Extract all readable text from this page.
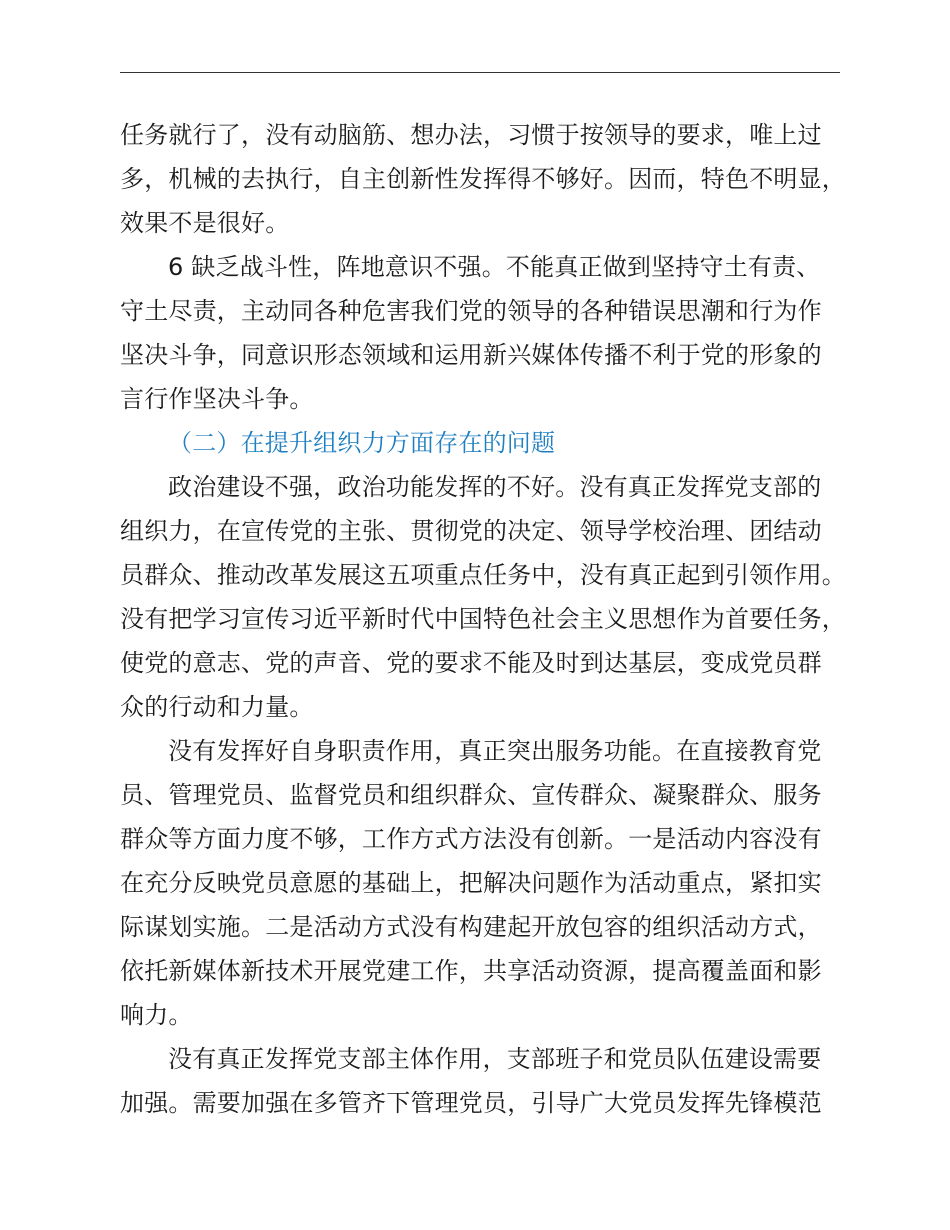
任务就行了，没有动脑筋、想办法，习惯于按领导的要求，唯上过
多，机械的去执行，自主创新性发挥得不够好。因而，特色不明显，
效果不是很好。
6 缺乏战斗性，阵地意识不强。不能真正做到坚持守土有责、
守土尽责，主动同各种危害我们党的领导的各种错误思潮和行为作
坚决斗争，同意识形态领域和运用新兴媒体传播不利于党的形象的
言行作坚决斗争。
（二）在提升组织力方面存在的问题
政治建设不强，政治功能发挥的不好。没有真正发挥党支部的
组织力，在宣传党的主张、贯彻党的决定、领导学校治理、团结动
员群众、推动改革发展这五项重点任务中，没有真正起到引领作用。
没有把学习宣传习近平新时代中国特色社会主义思想作为首要任务，
使党的意志、党的声音、党的要求不能及时到达基层，变成党员群
众的行动和力量。
没有发挥好自身职责作用，真正突出服务功能。在直接教育党
员、管理党员、监督党员和组织群众、宣传群众、凝聚群众、服务
群众等方面力度不够，工作方式方法没有创新。一是活动内容没有
在充分反映党员意愿的基础上，把解决问题作为活动重点，紧扣实
际谋划实施。二是活动方式没有构建起开放包容的组织活动方式，
依托新媒体新技术开展党建工作，共享活动资源，提高覆盖面和影
响力。
没有真正发挥党支部主体作用，支部班子和党员队伍建设需要
加强。需要加强在多管齐下管理党员，引导广大党员发挥先锋模范
